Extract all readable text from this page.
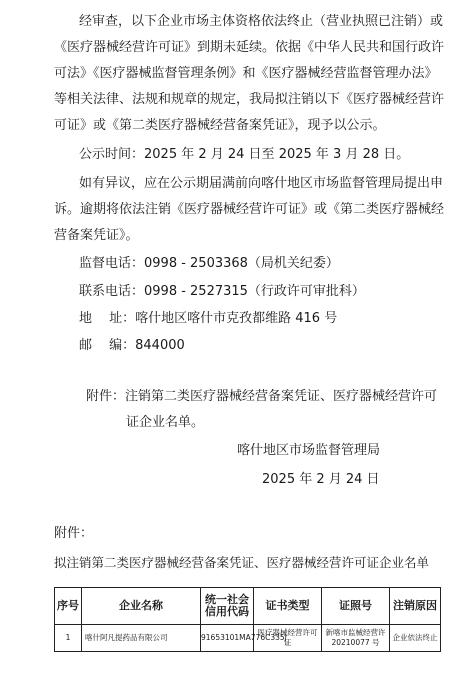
经审查，以下企业市场主体资格依法终止（营业执照已注销）或
《医疗器械经营许可证》到期未延续。依据《中华人民共和国行政许
可法》《医疗器械监督管理条例》和《医疗器械经营监督管理办法》
等相关法律、法规和规章的规定，我局拟注销以下《医疗器械经营许
可证》或《第二类医疗器械经营备案凭证》，现予以公示。
公示时间：2025 年 2 月 24 日至 2025 年 3 月 28 日。
如有异议，应在公示期届满前向喀什地区市场监督管理局提出申
诉。逾期将依法注销《医疗器械经营许可证》或《第二类医疗器械经
营备案凭证》。
监督电话：0998 - 2503368（局机关纪委）
联系电话：0998 - 2527315（行政许可审批科）
地　 址：喀什地区喀什市克孜都维路 416 号
邮　 编：844000
附件：注销第二类医疗器械经营备案凭证、医疗器械经营许可
证企业名单。
喀什地区市场监督管理局
2025 年 2 月 24 日
附件：
拟注销第二类医疗器械经营备案凭证、医疗器械经营许可证企业名单
序号	企业名称	统一社会信用代码	证书类型	证照号	注销原因
1	喀什阿凡提药品有限公司	91653101MA776C335J	医疗器械经营许可证	新喀市监械经营许 20210077 号	企业依法终止
